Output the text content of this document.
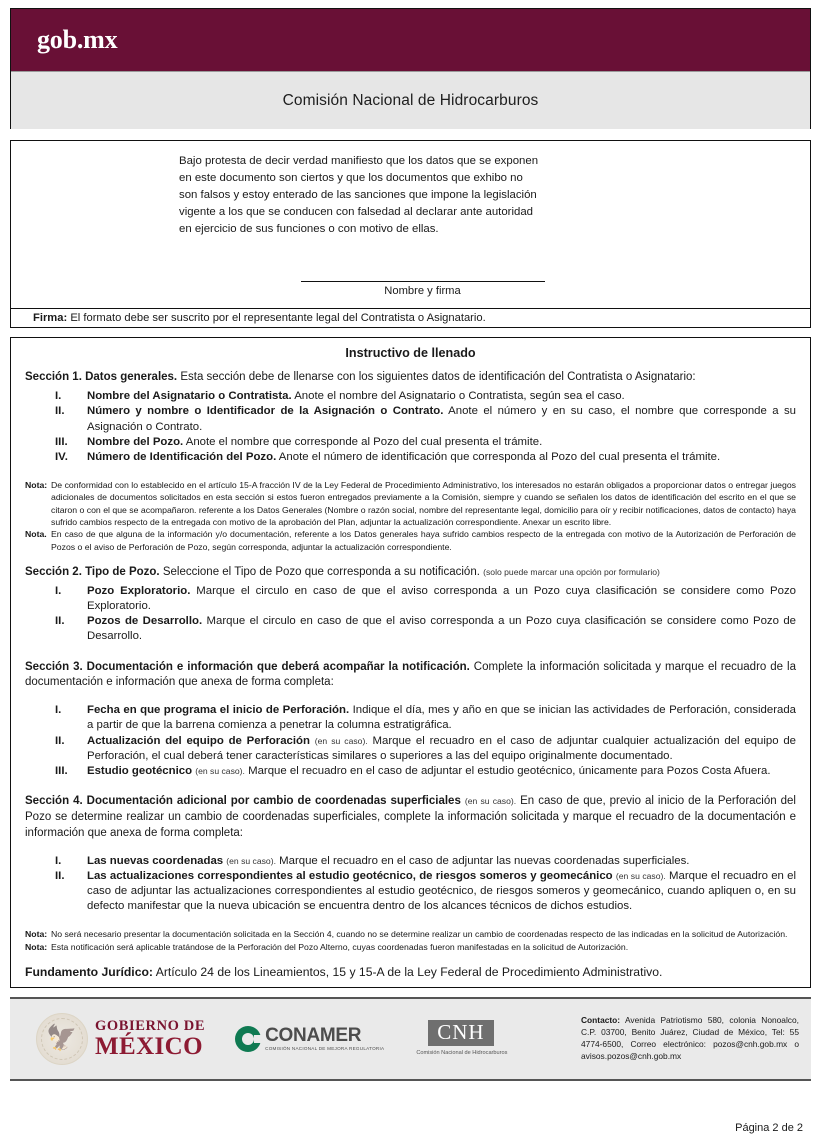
gob.mx
Comisión Nacional de Hidrocarburos
Bajo protesta de decir verdad manifiesto que los datos que se exponen en este documento son ciertos y que los documentos que exhibo no son falsos y estoy enterado de las sanciones que impone la legislación vigente a los que se conducen con falsedad al declarar ante autoridad en ejercicio de sus funciones o con motivo de ellas.
Nombre y firma
Firma: El formato debe ser suscrito por el representante legal del Contratista o Asignatario.
Instructivo de llenado
Sección 1. Datos generales. Esta sección debe de llenarse con los siguientes datos de identificación del Contratista o Asignatario:
I.	Nombre del Asignatario o Contratista. Anote el nombre del Asignatario o Contratista, según sea el caso.
II.	Número y nombre o Identificador de la Asignación o Contrato. Anote el número y en su caso, el nombre que corresponde a su Asignación o Contrato.
III.	Nombre del Pozo. Anote el nombre que corresponde al Pozo del cual presenta el trámite.
IV.	Número de Identificación del Pozo. Anote el número de identificación que corresponda al Pozo del cual presenta el trámite.
Nota: De conformidad con lo establecido en el artículo 15-A fracción IV de la Ley Federal de Procedimiento Administrativo, los interesados no estarán obligados a proporcionar datos o entregar juegos adicionales de documentos solicitados en esta sección si estos fueron entregados previamente a la Comisión, siempre y cuando se señalen los datos de identificación del escrito en el que se citaron o con el que se acompañaron. referente a los Datos Generales (Nombre o razón social, nombre del representante legal, domicilio para oír y recibir notificaciones, datos de contacto) haya sufrido cambios respecto de la entregada con motivo de la aprobación del Plan, adjuntar la actualización correspondiente. Anexar un escrito libre.
Nota. En caso de que alguna de la información y/o documentación, referente a los Datos generales haya sufrido cambios respecto de la entregada con motivo de la Autorización de Perforación de Pozos o el aviso de Perforación de Pozo, según corresponda, adjuntar la actualización correspondiente.
Sección 2. Tipo de Pozo. Seleccione el Tipo de Pozo que corresponda a su notificación. (solo puede marcar una opción por formulario)
I.	Pozo Exploratorio. Marque el circulo en caso de que el aviso corresponda a un Pozo cuya clasificación se considere como Pozo Exploratorio.
II.	Pozos de Desarrollo. Marque el circulo en caso de que el aviso corresponda a un Pozo cuya clasificación se considere como Pozo de Desarrollo.
Sección 3. Documentación e información que deberá acompañar la notificación. Complete la información solicitada y marque el recuadro de la documentación e información que anexa de forma completa:
I.	Fecha en que programa el inicio de Perforación. Indique el día, mes y año en que se inician las actividades de Perforación, considerada a partir de que la barrena comienza a penetrar la columna estratigráfica.
II.	Actualización del equipo de Perforación (en su caso). Marque el recuadro en el caso de adjuntar cualquier actualización del equipo de Perforación, el cual deberá tener características similares o superiores a las del equipo originalmente documentado.
III.	Estudio geotécnico (en su caso). Marque el recuadro en el caso de adjuntar el estudio geotécnico, únicamente para Pozos Costa Afuera.
Sección 4. Documentación adicional por cambio de coordenadas superficiales (en su caso). En caso de que, previo al inicio de la Perforación del Pozo se determine realizar un cambio de coordenadas superficiales, complete la información solicitada y marque el recuadro de la documentación e información que anexa de forma completa:
I.	Las nuevas coordenadas (en su caso). Marque el recuadro en el caso de adjuntar las nuevas coordenadas superficiales.
II.	Las actualizaciones correspondientes al estudio geotécnico, de riesgos someros y geomecánico (en su caso). Marque el recuadro en el caso de adjuntar las actualizaciones correspondientes al estudio geotécnico, de riesgos someros y geomecánico, cuando apliquen o, en su defecto manifestar que la nueva ubicación se encuentra dentro de los alcances técnicos de dichos estudios.
Nota: No será necesario presentar la documentación solicitada en la Sección 4, cuando no se determine realizar un cambio de coordenadas respecto de las indicadas en la solicitud de Autorización.
Nota: Esta notificación será aplicable tratándose de la Perforación del Pozo Alterno, cuyas coordenadas fueron manifestadas en la solicitud de Autorización.
Fundamento Jurídico: Artículo 24 de los Lineamientos, 15 y 15-A de la Ley Federal de Procedimiento Administrativo.
🦅	GOBIERNO DE
MÉXICO	CONAMER
COMISIÓN NACIONAL DE MEJORA REGULATORIA
CNH
Comisión Nacional de Hidrocarburos
Contacto: Avenida Patriotismo 580, colonia Nonoalco, C.P. 03700, Benito Juárez, Ciudad de México, Tel: 55 4774-6500, Correo electrónico: pozos@cnh.gob.mx o avisos.pozos@cnh.gob.mx
Página 2 de 2
